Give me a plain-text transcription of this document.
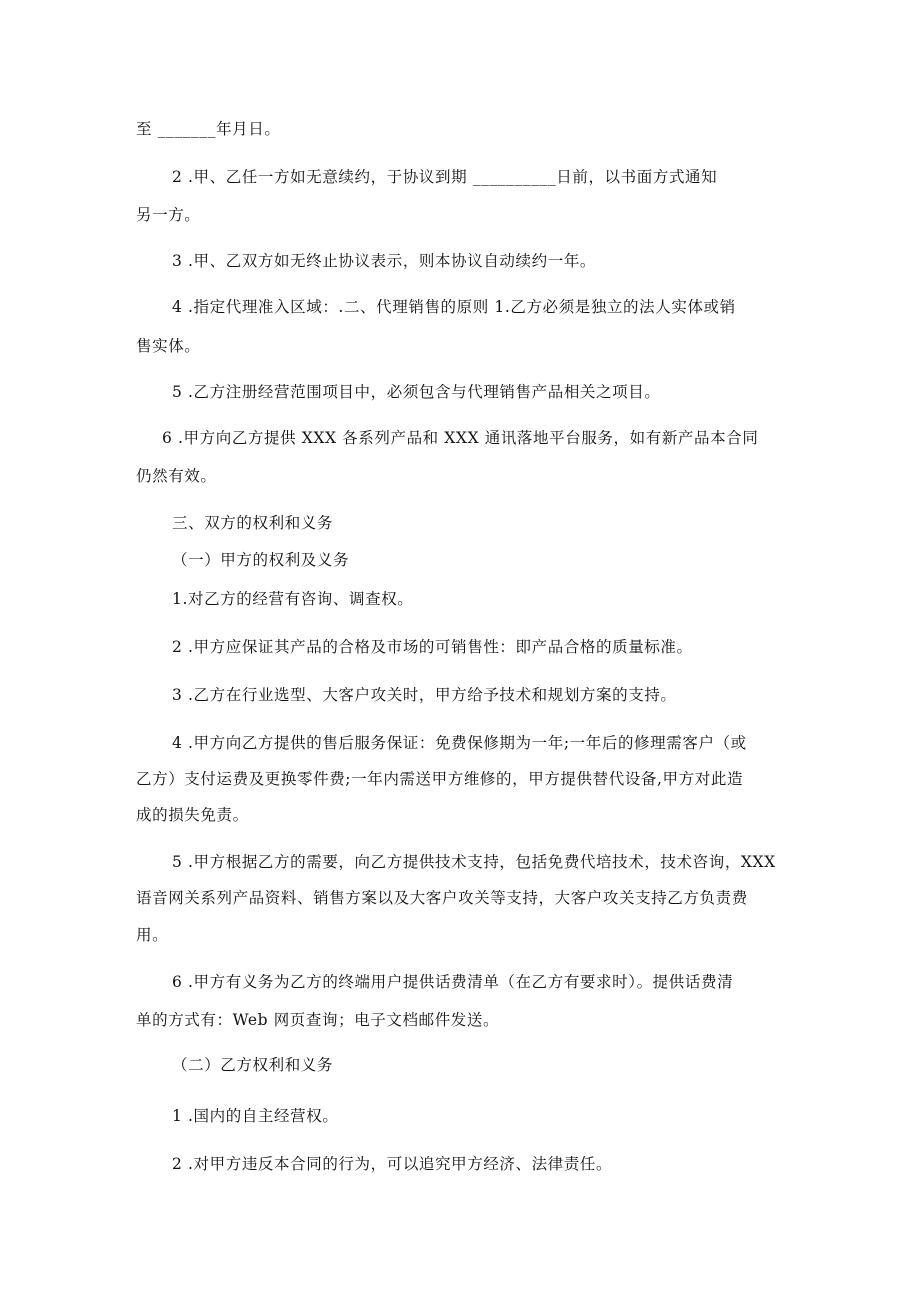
至 _______年月日。
2 .甲、乙任一方如无意续约，于协议到期 __________日前，以书面方式通知
另一方。
3 .甲、乙双方如无终止协议表示，则本协议自动续约一年。
4 .指定代理准入区域：.二、代理销售的原则 1.乙方必须是独立的法人实体或销
售实体。
5 .乙方注册经营范围项目中，必须包含与代理销售产品相关之项目。
6 .甲方向乙方提供 XXX 各系列产品和 XXX 通讯落地平台服务，如有新产品本合同
仍然有效。
三、双方的权利和义务
（一）甲方的权利及义务
1.对乙方的经营有咨询、调查权。
2 .甲方应保证其产品的合格及市场的可销售性：即产品合格的质量标准。
3 .乙方在行业选型、大客户攻关时，甲方给予技术和规划方案的支持。
4 .甲方向乙方提供的售后服务保证：免费保修期为一年;一年后的修理需客户（或
乙方）支付运费及更换零件费;一年内需送甲方维修的，甲方提供替代设备,甲方对此造
成的损失免责。
5 .甲方根据乙方的需要，向乙方提供技术支持，包括免费代培技术，技术咨询，XXX
语音网关系列产品资料、销售方案以及大客户攻关等支持，大客户攻关支持乙方负责费
用。
6 .甲方有义务为乙方的终端用户提供话费清单（在乙方有要求时）。提供话费清
单的方式有：Web 网页查询；电子文档邮件发送。
（二）乙方权利和义务
1 .国内的自主经营权。
2 .对甲方违反本合同的行为，可以追究甲方经济、法律责任。
